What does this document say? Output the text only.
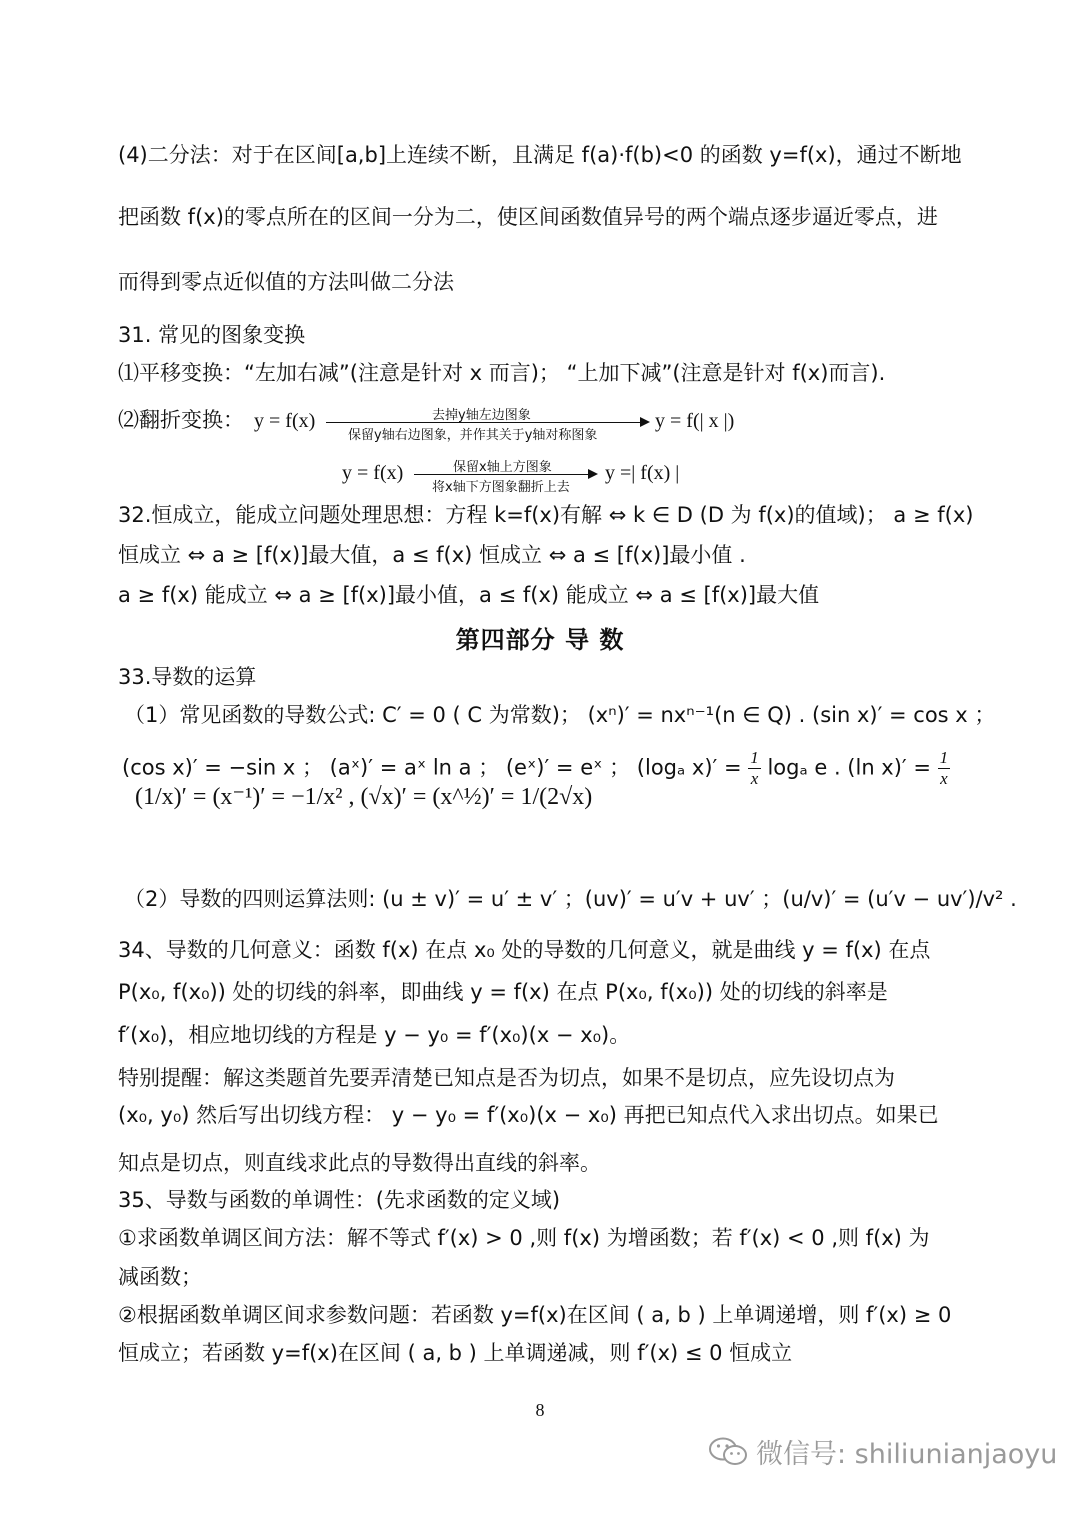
(4)二分法：对于在区间[a,b]上连续不断，且满足 f(a)·f(b)<0 的函数 y=f(x)，通过不断地
把函数 f(x)的零点所在的区间一分为二，使区间函数值异号的两个端点逐步逼近零点，进
而得到零点近似值的方法叫做二分法
31. 常见的图象变换
⑴平移变换：“左加右减”(注意是针对 x 而言)； “上加下减”(注意是针对 f(x)而言).
⑵翻折变换： y = f(x)	去掉y轴左边图象
保留y轴右边图象，并作其关于y轴对称图象
y = f(| x |)
y = f(x)	保留x轴上方图象
将x轴下方图象翻折上去
y =| f(x) |
32.恒成立，能成立问题处理思想：方程 k=f(x)有解 ⇔ k ∈ D (D 为 f(x)的值域)； a ≥ f(x)
恒成立 ⇔ a ≥ [f(x)]最大值，a ≤ f(x) 恒成立 ⇔ a ≤ [f(x)]最小值 .
a ≥ f(x) 能成立 ⇔ a ≥ [f(x)]最小值，a ≤ f(x) 能成立 ⇔ a ≤ [f(x)]最大值
第四部分 导 数
33.导数的运算
（1）常见函数的导数公式: C′ = 0 ( C 为常数)； (xⁿ)′ = nxⁿ⁻¹(n ∈ Q) . (sin x)′ = cos x ；
(cos x)′ = −sin x ； (aˣ)′ = aˣ ln a ； (eˣ)′ = eˣ ； (logₐ $x)' = \frac{1}{x}$ logₐ e . (ln $x)' = \frac{1}{x}$
(1/x)′ = (x⁻¹)′ = −1/x² , (√x)′ = (x^½)′ = 1/(2√x)
（2）导数的四则运算法则: (u ± v)′ = u′ ± v′ ；(uv)′ = u′v + uv′ ；(u/v)′ = (u′v − uv′)/v² .
34、导数的几何意义：函数 f(x) 在点 x₀ 处的导数的几何意义，就是曲线 y = f(x) 在点
P(x₀, f(x₀)) 处的切线的斜率，即曲线 y = f(x) 在点 P(x₀, f(x₀)) 处的切线的斜率是
f′(x₀)，相应地切线的方程是 y − y₀ = f′(x₀)(x − x₀)。
特别提醒：解这类题首先要弄清楚已知点是否为切点，如果不是切点，应先设切点为
(x₀, y₀) 然后写出切线方程： y − y₀ = f′(x₀)(x − x₀) 再把已知点代入求出切点。如果已
知点是切点，则直线求此点的导数得出直线的斜率。
35、导数与函数的单调性：(先求函数的定义域)
①求函数单调区间方法：解不等式 f′(x) > 0 ,则 f(x) 为增函数；若 f′(x) < 0 ,则 f(x) 为
减函数；
②根据函数单调区间求参数问题：若函数 y=f(x)在区间 ( a, b ) 上单调递增，则 f′(x) ≥ 0
恒成立；若函数 y=f(x)在区间 ( a, b ) 上单调递减，则 f′(x) ≤ 0 恒成立
8
微信号: shiliunianjaoyu
